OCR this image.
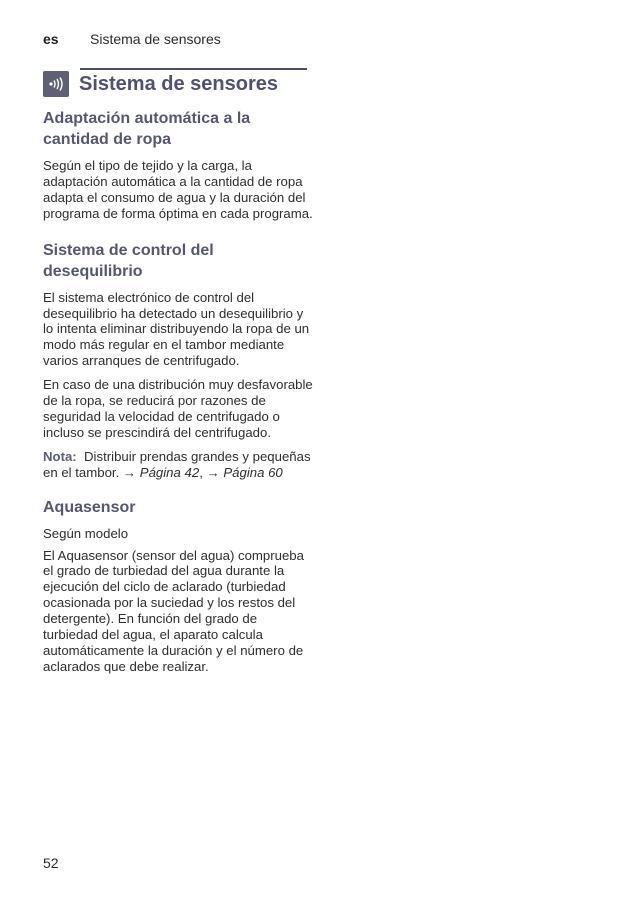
es Sistema de sensores
Sistema de sensores
Adaptación automática a la cantidad de ropa

Según el tipo de tejido y la carga, la adaptación automática a la cantidad de ropa adapta el consumo de agua y la duración del programa de forma óptima en cada programa.

Sistema de control del desequilibrio

El sistema electrónico de control del desequilibrio ha detectado un desequilibrio y lo intenta eliminar distribuyendo la ropa de un modo más regular en el tambor mediante varios arranques de centrifugado.

En caso de una distribución muy desfavorable de la ropa, se reducirá por razones de seguridad la velocidad de centrifugado o incluso se prescindirá del centrifugado.

Nota: Distribuir prendas grandes y pequeñas en el tambor. → Página 42, → Página 60

Aquasensor

Según modelo

El Aquasensor (sensor del agua) comprueba el grado de turbiedad del agua durante la ejecución del ciclo de aclarado (turbiedad ocasionada por la suciedad y los restos del detergente). En función del grado de turbiedad del agua, el aparato calcula automáticamente la duración y el número de aclarados que debe realizar.

52
